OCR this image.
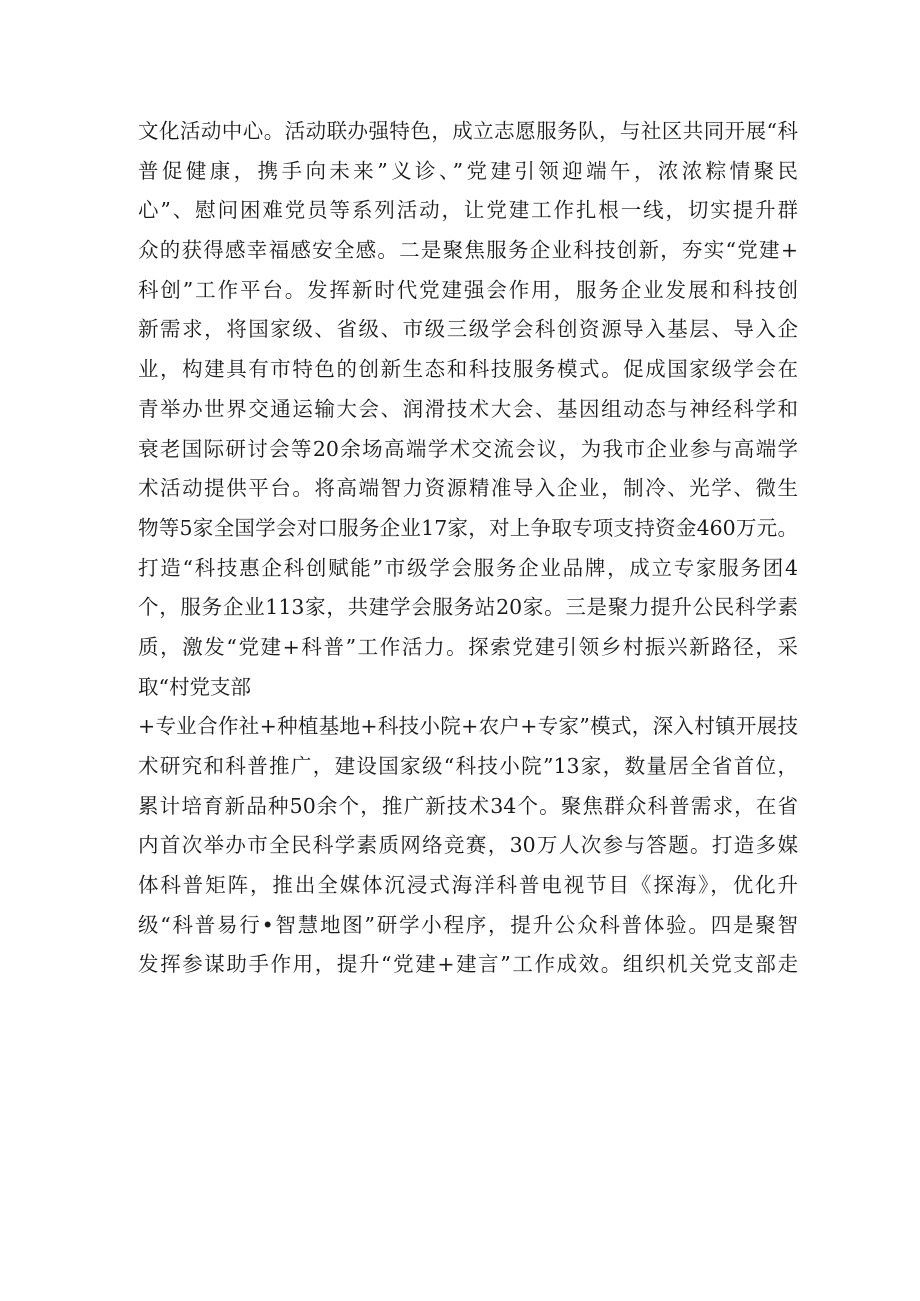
文化活动中心。活动联办强特色，成立志愿服务队，与社区共同开展“科
普促健康，携手向未来”义诊、”党建引领迎端午，浓浓粽情聚民
心”、慰问困难党员等系列活动，让党建工作扎根一线，切实提升群
众的获得感幸福感安全感。二是聚焦服务企业科技创新，夯实“党建+
科创”工作平台。发挥新时代党建强会作用，服务企业发展和科技创
新需求，将国家级、省级、市级三级学会科创资源导入基层、导入企
业，构建具有市特色的创新生态和科技服务模式。促成国家级学会在
青举办世界交通运输大会、润滑技术大会、基因组动态与神经科学和
衰老国际研讨会等20余场高端学术交流会议，为我市企业参与高端学
术活动提供平台。将高端智力资源精准导入企业，制冷、光学、微生
物等5家全国学会对口服务企业17家，对上争取专项支持资金460万元。
打造“科技惠企科创赋能”市级学会服务企业品牌，成立专家服务团4
个，服务企业113家，共建学会服务站20家。三是聚力提升公民科学素
质，激发“党建+科普”工作活力。探索党建引领乡村振兴新路径，采
取“村党支部
+专业合作社+种植基地+科技小院+农户+专家”模式，深入村镇开展技
术研究和科普推广，建设国家级“科技小院”13家，数量居全省首位，
累计培育新品种50余个，推广新技术34个。聚焦群众科普需求，在省
内首次举办市全民科学素质网络竞赛，30万人次参与答题。打造多媒
体科普矩阵，推出全媒体沉浸式海洋科普电视节目《探海》，优化升
级“科普易行•智慧地图”研学小程序，提升公众科普体验。四是聚智
发挥参谋助手作用，提升“党建+建言”工作成效。组织机关党支部走
